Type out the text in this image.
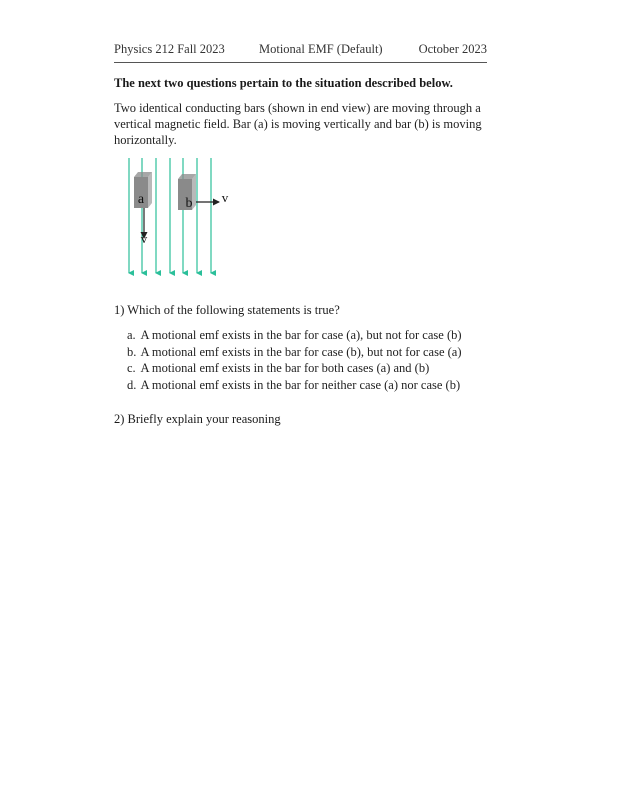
Physics 212 Fall 2023	Motional EMF (Default)	October 2023
The next two questions pertain to the situation described below.
Two identical conducting bars (shown in end view) are moving through a vertical magnetic field. Bar (a) is moving vertically and bar (b) is moving horizontally.
a
v
b v
1) Which of the following statements is true?
a. A motional emf exists in the bar for case (a), but not for case (b)
b. A motional emf exists in the bar for case (b), but not for case (a)
c. A motional emf exists in the bar for both cases (a) and (b)
d. A motional emf exists in the bar for neither case (a) nor case (b)
2) Briefly explain your reasoning
